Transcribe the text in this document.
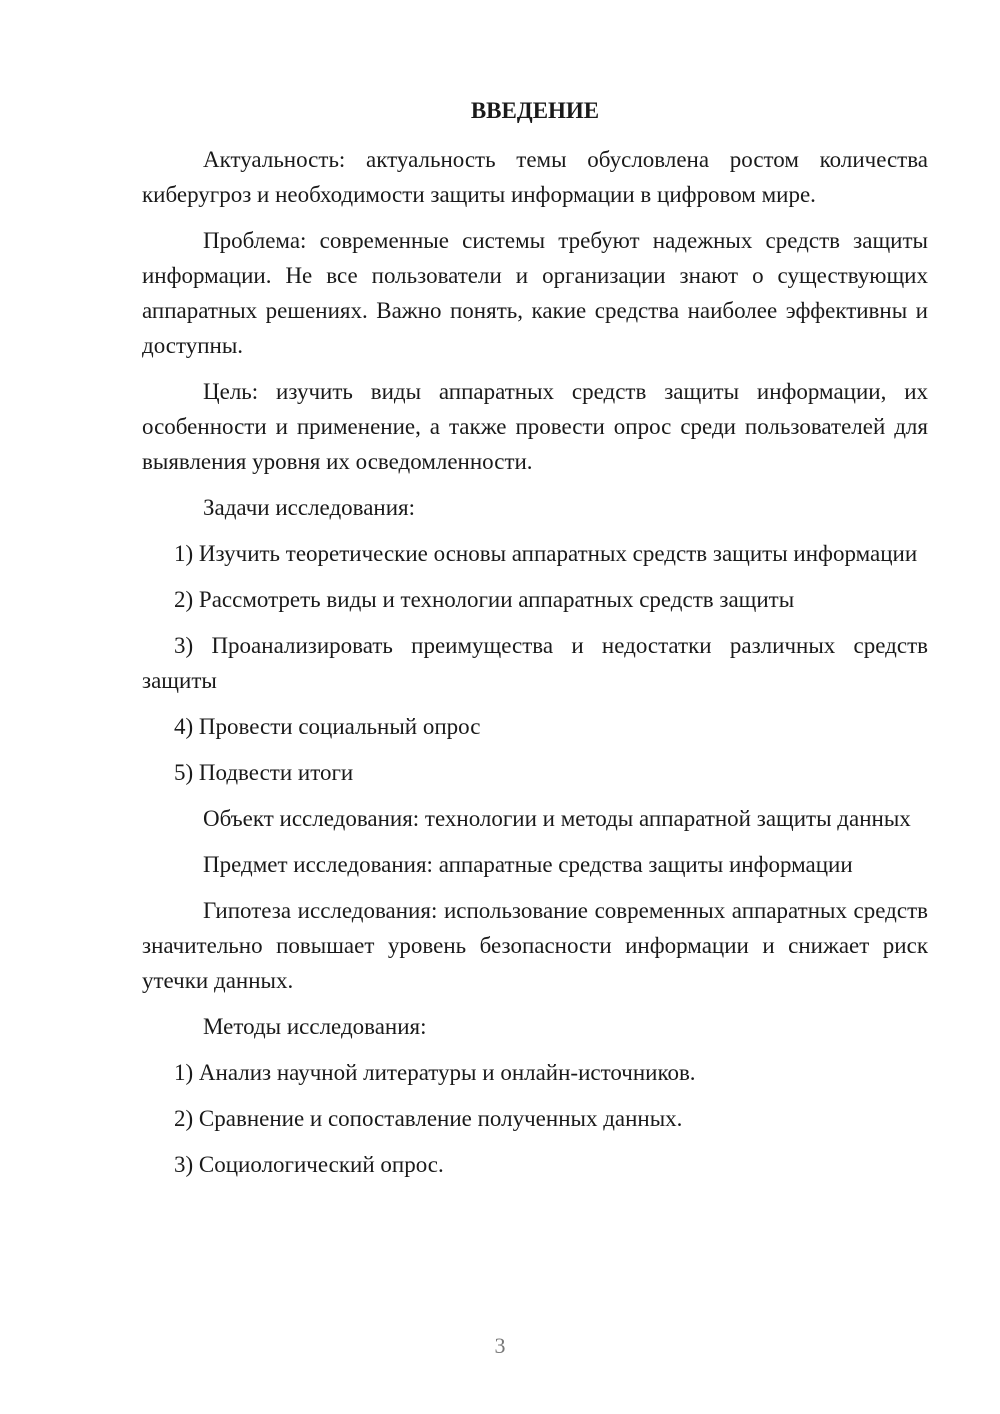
ВВЕДЕНИЕ

Актуальность: актуальность темы обусловлена ростом количества киберугроз и необходимости защиты информации в цифровом мире.

Проблема: современные системы требуют надежных средств защиты информации. Не все пользователи и организации знают о существующих аппаратных решениях. Важно понять, какие средства наиболее эффективны и доступны.

Цель: изучить виды аппаратных средств защиты информации, их особенности и применение, а также провести опрос среди пользователей для выявления уровня их осведомленности.

Задачи исследования:

1) Изучить теоретические основы аппаратных средств защиты информации

2) Рассмотреть виды и технологии аппаратных средств защиты

3) Проанализировать преимущества и недостатки различных средств защиты

4) Провести социальный опрос

5) Подвести итоги

Объект исследования: технологии и методы аппаратной защиты данных

Предмет исследования: аппаратные средства защиты информации

Гипотеза исследования: использование современных аппаратных средств значительно повышает уровень безопасности информации и снижает риск утечки данных.

Методы исследования:

1) Анализ научной литературы и онлайн-источников.

2) Сравнение и сопоставление полученных данных.

3) Социологический опрос.

3
